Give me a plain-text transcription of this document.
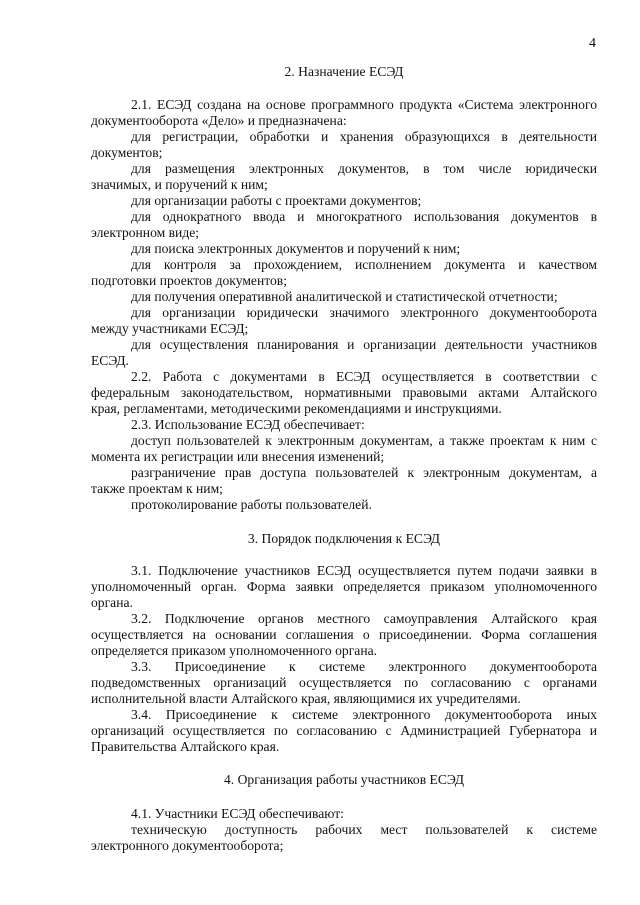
4
2. Назначение ЕСЭД
2.1. ЕСЭД создана на основе программного продукта «Система электронного
документооборота «Дело» и предназначена:
для регистрации, обработки и хранения образующихся в деятельности
документов;
для размещения электронных документов, в том числе юридически
значимых, и поручений к ним;
для организации работы с проектами документов;
для однократного ввода и многократного использования документов в
электронном виде;
для поиска электронных документов и поручений к ним;
для контроля за прохождением, исполнением документа и качеством
подготовки проектов документов;
для получения оперативной аналитической и статистической отчетности;
для организации юридически значимого электронного документооборота
между участниками ЕСЭД;
для осуществления планирования и организации деятельности участников
ЕСЭД.
2.2. Работа с документами в ЕСЭД осуществляется в соответствии с
федеральным законодательством, нормативными правовыми актами Алтайского
края, регламентами, методическими рекомендациями и инструкциями.
2.3. Использование ЕСЭД обеспечивает:
доступ пользователей к электронным документам, а также проектам к ним с
момента их регистрации или внесения изменений;
разграничение прав доступа пользователей к электронным документам, а
также проектам к ним;
протоколирование работы пользователей.
3. Порядок подключения к ЕСЭД
3.1. Подключение участников ЕСЭД осуществляется путем подачи заявки в
уполномоченный орган. Форма заявки определяется приказом уполномоченного
органа.
3.2. Подключение органов местного самоуправления Алтайского края
осуществляется на основании соглашения о присоединении. Форма соглашения
определяется приказом уполномоченного органа.
3.3. Присоединение к системе электронного документооборота
подведомственных организаций осуществляется по согласованию с органами
исполнительной власти Алтайского края, являющимися их учредителями.
3.4. Присоединение к системе электронного документооборота иных
организаций осуществляется по согласованию с Администрацией Губернатора и
Правительства Алтайского края.
4. Организация работы участников ЕСЭД
4.1. Участники ЕСЭД обеспечивают:
техническую доступность рабочих мест пользователей к системе
электронного документооборота;
